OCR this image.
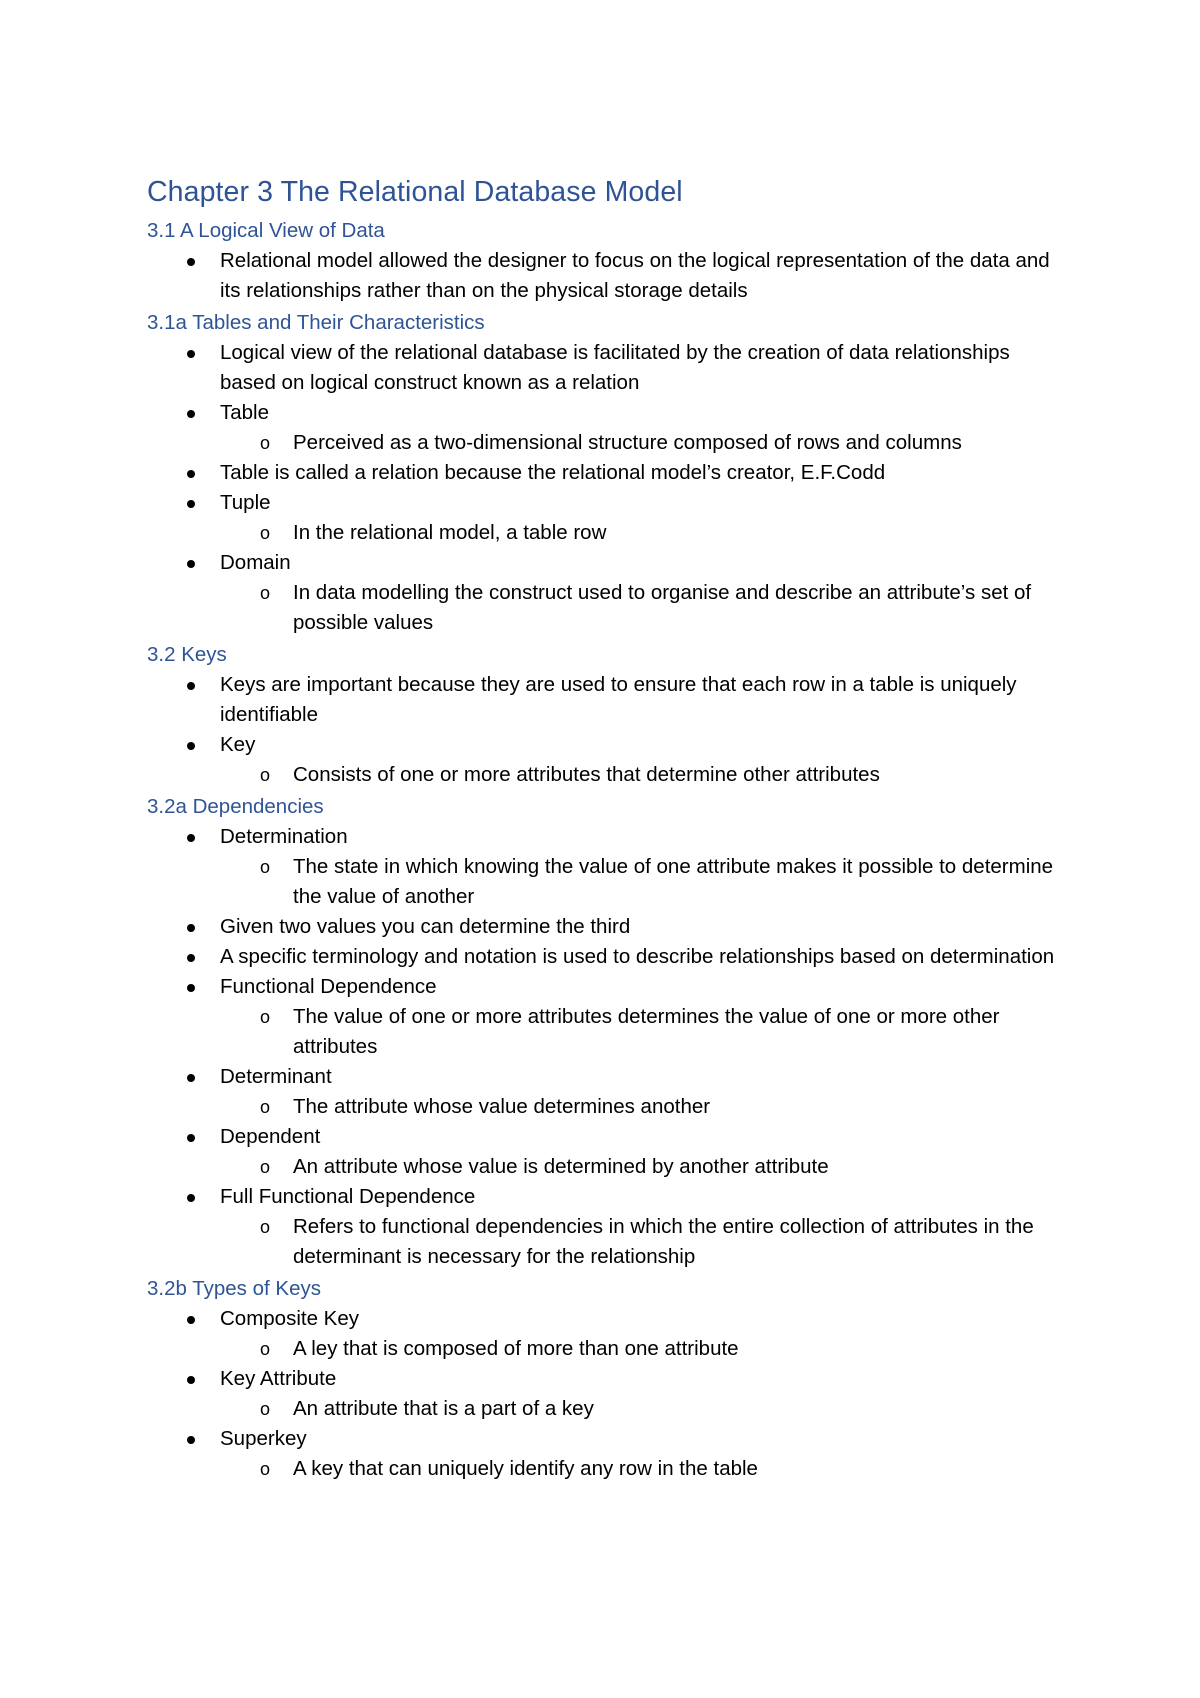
Chapter 3 The Relational Database Model
3.1 A Logical View of Data
Relational model allowed the designer to focus on the logical representation of the data and its relationships rather than on the physical storage details
3.1a Tables and Their Characteristics
Logical view of the relational database is facilitated by the creation of data relationships based on logical construct known as a relation
Table
o Perceived as a two-dimensional structure composed of rows and columns
Table is called a relation because the relational model’s creator, E.F.Codd
Tuple
o In the relational model, a table row
Domain
o In data modelling the construct used to organise and describe an attribute’s set of possible values
3.2 Keys
Keys are important because they are used to ensure that each row in a table is uniquely identifiable
Key
o Consists of one or more attributes that determine other attributes
3.2a Dependencies
Determination
o The state in which knowing the value of one attribute makes it possible to determine the value of another
Given two values you can determine the third
A specific terminology and notation is used to describe relationships based on determination
Functional Dependence
o The value of one or more attributes determines the value of one or more other attributes
Determinant
o The attribute whose value determines another
Dependent
o An attribute whose value is determined by another attribute
Full Functional Dependence
o Refers to functional dependencies in which the entire collection of attributes in the determinant is necessary for the relationship
3.2b Types of Keys
Composite Key
o A ley that is composed of more than one attribute
Key Attribute
o An attribute that is a part of a key
Superkey
o A key that can uniquely identify any row in the table
